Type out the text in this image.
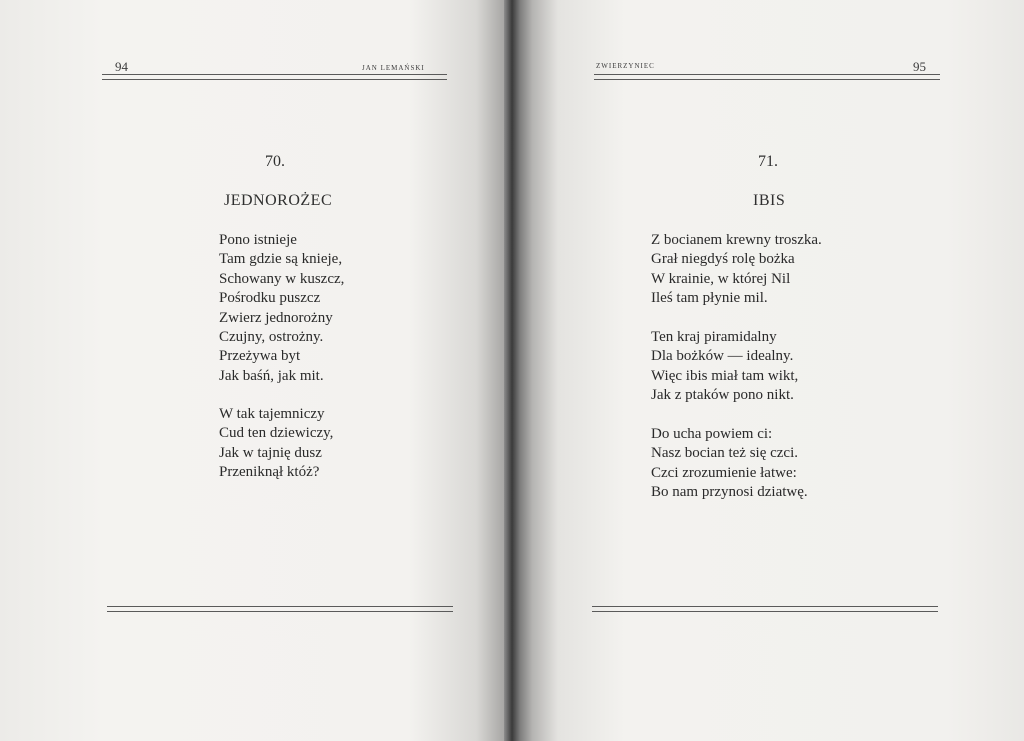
94	JAN LEMAŃSKI
70.
JEDNOROŻEC
Pono istnieje
Tam gdzie są knieje,
Schowany w kuszcz,
Pośrodku puszcz
Zwierz jednorożny
Czujny, ostrożny.
Przeżywa byt
Jak baśń, jak mit.
W tak tajemniczy
Cud ten dziewiczy,
Jak w tajnię dusz
Przeniknął któż?
ZWIERZYNIEC	95
71.
IBIS
Z bocianem krewny troszka.
Grał niegdyś rolę bożka
W krainie, w której Nil
Ileś tam płynie mil.
Ten kraj piramidalny
Dla bożków — idealny.
Więc ibis miał tam wikt,
Jak z ptaków pono nikt.
Do ucha powiem ci:
Nasz bocian też się czci.
Czci zrozumienie łatwe:
Bo nam przynosi dziatwę.
